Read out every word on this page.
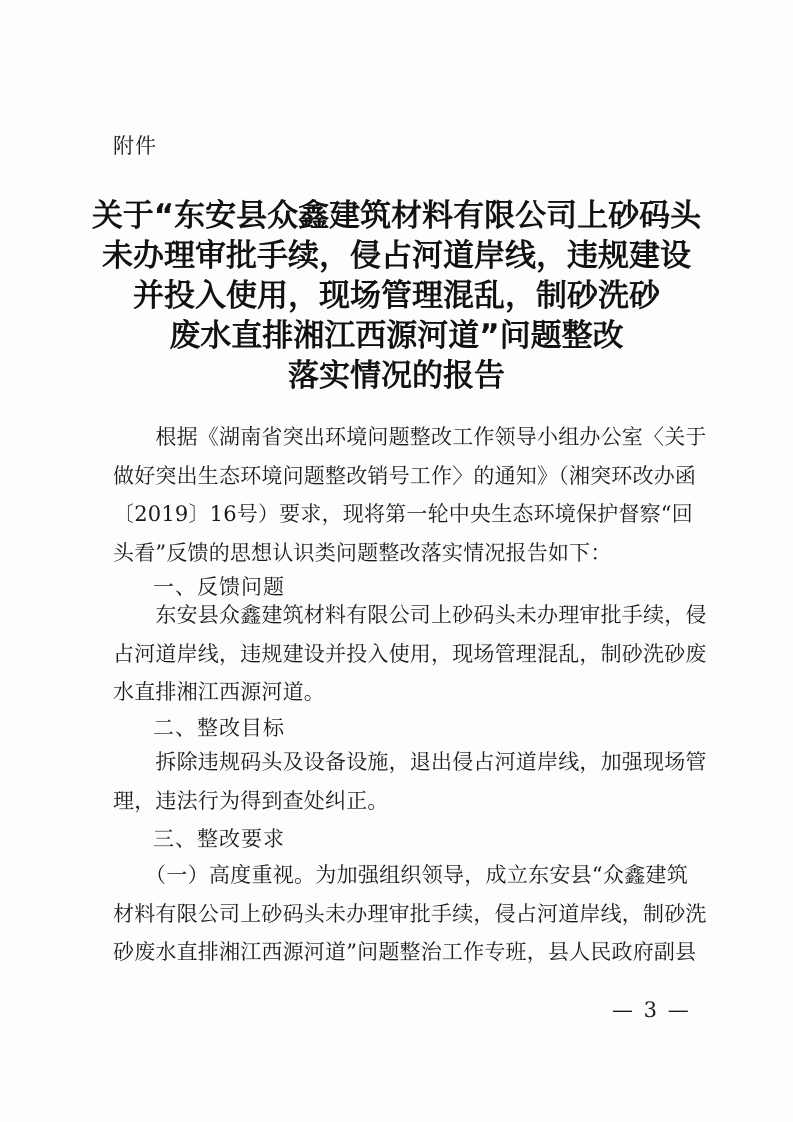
附件
关于“东安县众鑫建筑材料有限公司上砂码头
未办理审批手续，侵占河道岸线，违规建设
并投入使用，现场管理混乱，制砂洗砂
废水直排湘江西源河道”问题整改
落实情况的报告
　　根据《湖南省突出环境问题整改工作领导小组办公室〈关于
做好突出生态环境问题整改销号工作〉的通知》（湘突环改办函
〔2019〕16号）要求，现将第一轮中央生态环境保护督察“回
头看”反馈的思想认识类问题整改落实情况报告如下：
一、反馈问题
　　东安县众鑫建筑材料有限公司上砂码头未办理审批手续，侵
占河道岸线，违规建设并投入使用，现场管理混乱，制砂洗砂废
水直排湘江西源河道。
二、整改目标
　　拆除违规码头及设备设施，退出侵占河道岸线，加强现场管
理，违法行为得到查处纠正。
三、整改要求
　　（一）高度重视。为加强组织领导，成立东安县“众鑫建筑
材料有限公司上砂码头未办理审批手续，侵占河道岸线，制砂洗
砂废水直排湘江西源河道”问题整治工作专班，县人民政府副县
— 3 —
